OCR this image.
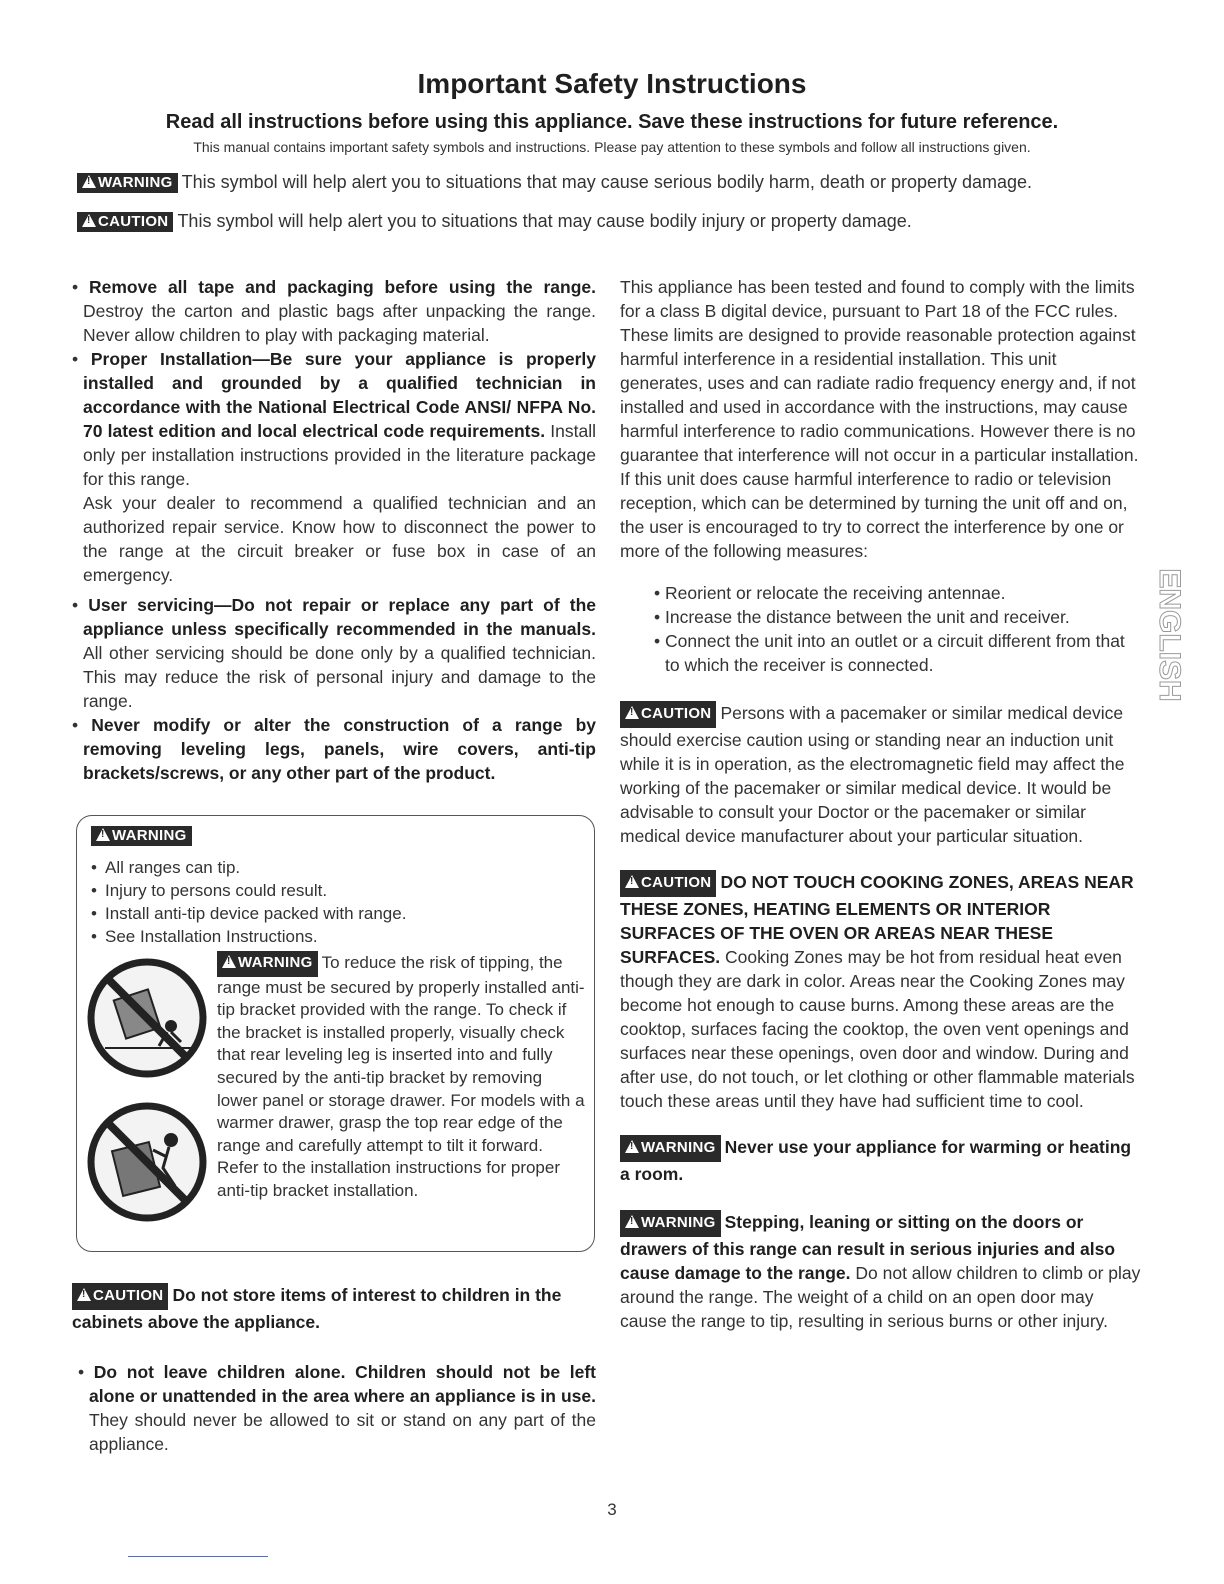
Important Safety Instructions
Read all instructions before using this appliance. Save these instructions for future reference.
This manual contains important safety symbols and instructions. Please pay attention to these symbols and follow all instructions given.
!WARNING This symbol will help alert you to situations that may cause serious bodily harm, death or property damage.
!CAUTION This symbol will help alert you to situations that may cause bodily injury or property damage.

• Remove all tape and packaging before using the range. Destroy the carton and plastic bags after unpacking the range. Never allow children to play with packaging material.

• Proper Installation—Be sure your appliance is properly installed and grounded by a qualified technician in accordance with the National Electrical Code ANSI/ NFPA No. 70 latest edition and local electrical code requirements. Install only per installation instructions provided in the literature package for this range.

Ask your dealer to recommend a qualified technician and an authorized repair service. Know how to disconnect the power to the range at the circuit breaker or fuse box in case of an emergency.

• User servicing—Do not repair or replace any part of the appliance unless specifically recommended in the manuals. All other servicing should be done only by a qualified technician. This may reduce the risk of personal injury and damage to the range.

• Never modify or alter the construction of a range by removing leveling legs, panels, wire covers, anti-tip brackets/screws, or any other part of the product.

!WARNING
• All ranges can tip.
• Injury to persons could result.
• Install anti-tip device packed with range.
• See Installation Instructions.
!WARNING To reduce the risk of tipping, the range must be secured by properly installed anti-tip bracket provided with the range. To check if the bracket is installed properly, visually check that rear leveling leg is inserted into and fully secured by the anti-tip bracket by removing lower panel or storage drawer. For models with a warmer drawer, grasp the top rear edge of the range and carefully attempt to tilt it forward. Refer to the installation instructions for proper anti-tip bracket installation.

!CAUTION Do not store items of interest to children in the cabinets above the appliance.

• Do not leave children alone. Children should not be left alone or unattended in the area where an appliance is in use. They should never be allowed to sit or stand on any part of the appliance.

This appliance has been tested and found to comply with the limits for a class B digital device, pursuant to Part 18 of the FCC rules. These limits are designed to provide reasonable protection against harmful interference in a residential installation. This unit generates, uses and can radiate radio frequency energy and, if not installed and used in accordance with the instructions, may cause harmful interference to radio communications. However there is no guarantee that interference will not occur in a particular installation. If this unit does cause harmful interference to radio or television reception, which can be determined by turning the unit off and on, the user is encouraged to try to correct the interference by one or more of the following measures:

• Reorient or relocate the receiving antennae.
• Increase the distance between the unit and receiver.
• Connect the unit into an outlet or a circuit different from that to which the receiver is connected.

!CAUTION Persons with a pacemaker or similar medical device should exercise caution using or standing near an induction unit while it is in operation, as the electromagnetic field may affect the working of the pacemaker or similar medical device. It would be advisable to consult your Doctor or the pacemaker or similar medical device manufacturer about your particular situation.

!CAUTION DO NOT TOUCH COOKING ZONES, AREAS NEAR THESE ZONES, HEATING ELEMENTS OR INTERIOR SURFACES OF THE OVEN OR AREAS NEAR THESE SURFACES. Cooking Zones may be hot from residual heat even though they are dark in color. Areas near the Cooking Zones may become hot enough to cause burns. Among these areas are the cooktop, surfaces facing the cooktop, the oven vent openings and surfaces near these openings, oven door and window. During and after use, do not touch, or let clothing or other flammable materials touch these areas until they have had sufficient time to cool.

!WARNING Never use your appliance for warming or heating a room.

!WARNING Stepping, leaning or sitting on the doors or drawers of this range can result in serious injuries and also cause damage to the range. Do not allow children to climb or play around the range. The weight of a child on an open door may cause the range to tip, resulting in serious burns or other injury.

ENGLISH
3
